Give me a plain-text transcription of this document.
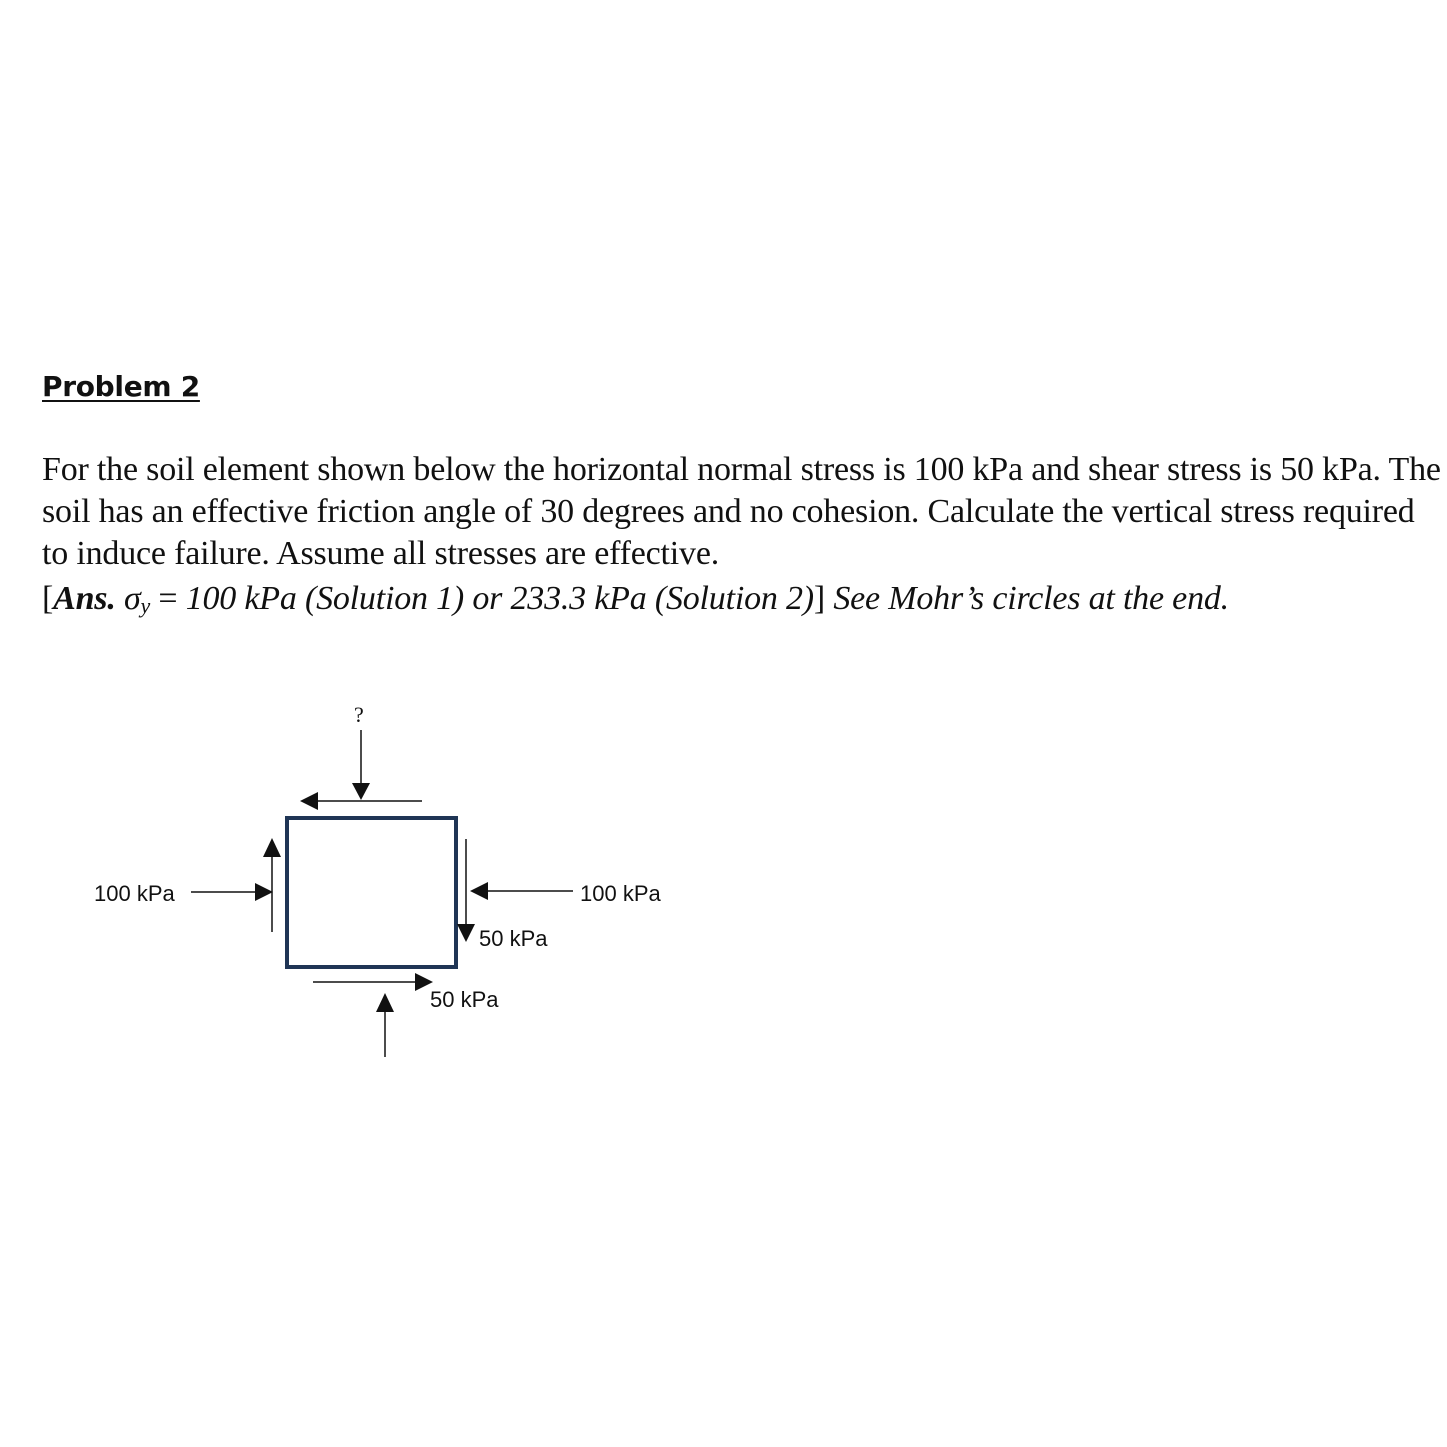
Problem 2

For the soil element shown below the horizontal normal stress is 100 kPa and shear stress is 50 kPa. The soil has an effective friction angle of 30 degrees and no cohesion. Calculate the vertical stress required to induce failure. Assume all stresses are effective.

[Ans. $\sigma_y = 100$ kPa (Solution 1) or 233.3 kPa (Solution 2)] See Mohr’s circles at the end.
?
100 kPa	100 kPa
50 kPa
50 kPa
